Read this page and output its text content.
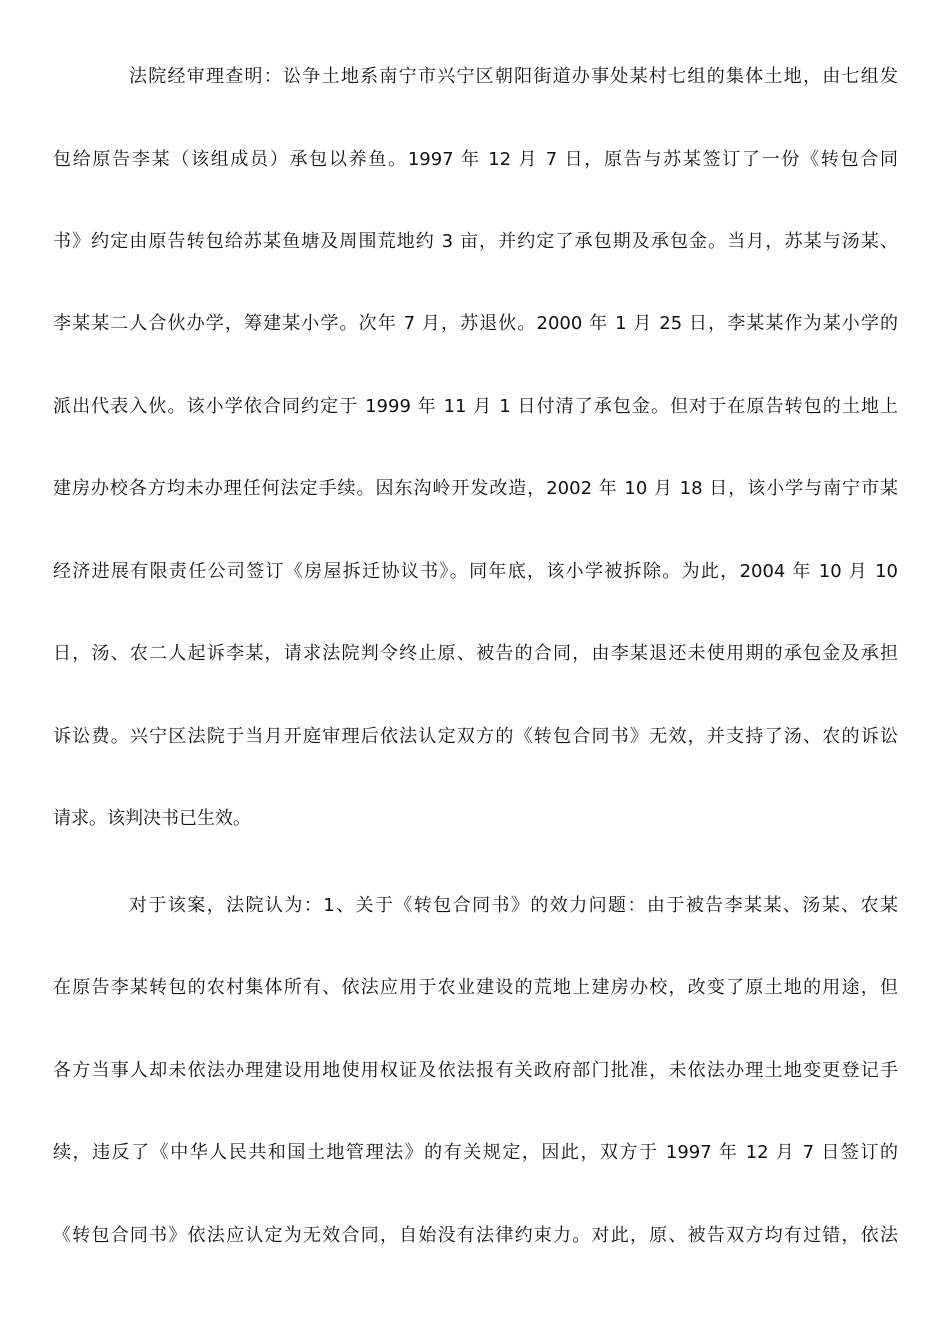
法院经审理查明：讼争土地系南宁市兴宁区朝阳街道办事处某村七组的集体土地，由七组发
包给原告李某（该组成员）承包以养鱼。1997 年 12 月 7 日，原告与苏某签订了一份《转包合同
书》约定由原告转包给苏某鱼塘及周围荒地约 3 亩，并约定了承包期及承包金。当月，苏某与汤某、
李某某二人合伙办学，筹建某小学。次年 7 月，苏退伙。2000 年 1 月 25 日，李某某作为某小学的
派出代表入伙。该小学依合同约定于 1999 年 11 月 1 日付清了承包金。但对于在原告转包的土地上
建房办校各方均未办理任何法定手续。因东沟岭开发改造，2002 年 10 月 18 日，该小学与南宁市某
经济进展有限责任公司签订《房屋拆迁协议书》。同年底，该小学被拆除。为此，2004 年 10 月 10
日，汤、农二人起诉李某，请求法院判令终止原、被告的合同，由李某退还未使用期的承包金及承担
诉讼费。兴宁区法院于当月开庭审理后依法认定双方的《转包合同书》无效，并支持了汤、农的诉讼
请求。该判决书已生效。
对于该案，法院认为：1、关于《转包合同书》的效力问题：由于被告李某某、汤某、农某
在原告李某转包的农村集体所有、依法应用于农业建设的荒地上建房办校，改变了原土地的用途，但
各方当事人却未依法办理建设用地使用权证及依法报有关政府部门批准，未依法办理土地变更登记手
续，违反了《中华人民共和国土地管理法》的有关规定，因此，双方于 1997 年 12 月 7 日签订的
《转包合同书》依法应认定为无效合同，自始没有法律约束力。对此，原、被告双方均有过错，依法
